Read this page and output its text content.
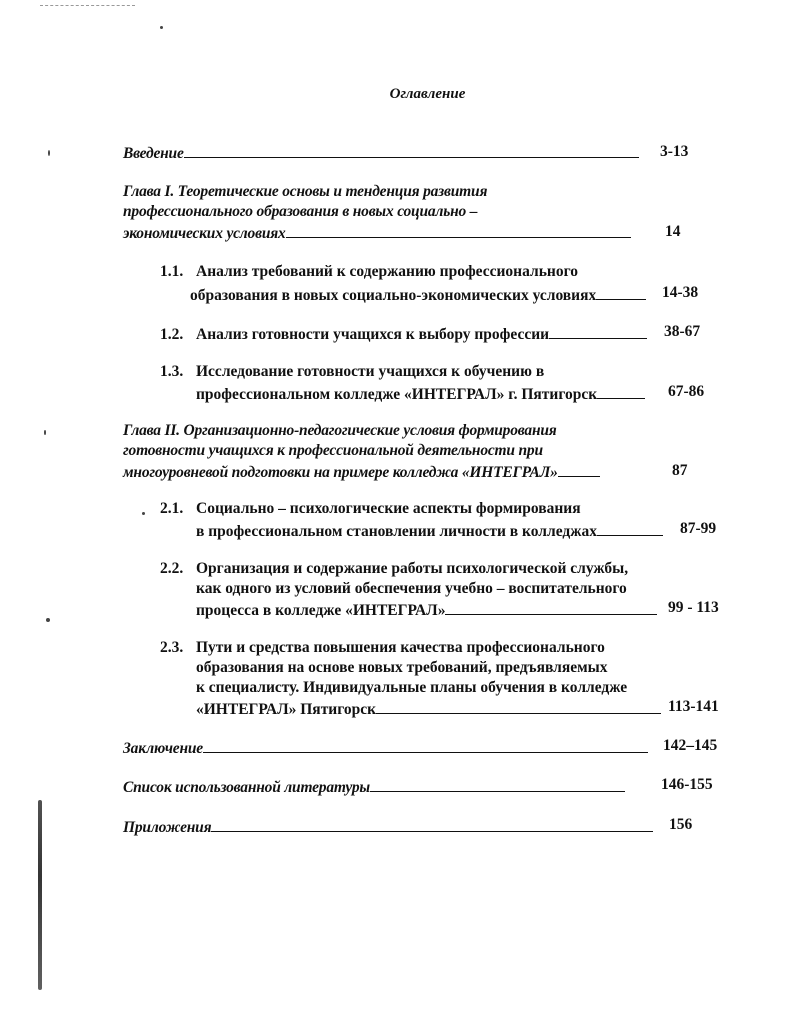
Оглавление
Введение	3-13
Глава I. Теоретические основы и тенденция развития
профессионального образования в новых социально –
экономических условиях	14
1.1. Анализ требований к содержанию профессионального
образования в новых социально-экономических условиях	14-38
1.2. Анализ готовности учащихся к выбору профессии	38-67
1.3. Исследование готовности учащихся к обучению в
профессиональном колледже «ИНТЕГРАЛ» г. Пятигорск	67-86
Глава II. Организационно-педагогические условия формирования
готовности учащихся к профессиональной деятельности при
многоуровневой подготовки на примере колледжа «ИНТЕГРАЛ»	87
2.1. Социально – психологические аспекты формирования
в профессиональном становлении личности в колледжах	87-99
2.2. Организация и содержание работы психологической службы,
как одного из условий обеспечения учебно – воспитательного
процесса в колледже «ИНТЕГРАЛ»	99 - 113
2.3. Пути и средства повышения качества профессионального
образования на основе новых требований, предъявляемых
к специалисту. Индивидуальные планы обучения в колледже
«ИНТЕГРАЛ» Пятигорск	113-141
Заключение	142–145
Список использованной литературы	146-155
Приложения	156
